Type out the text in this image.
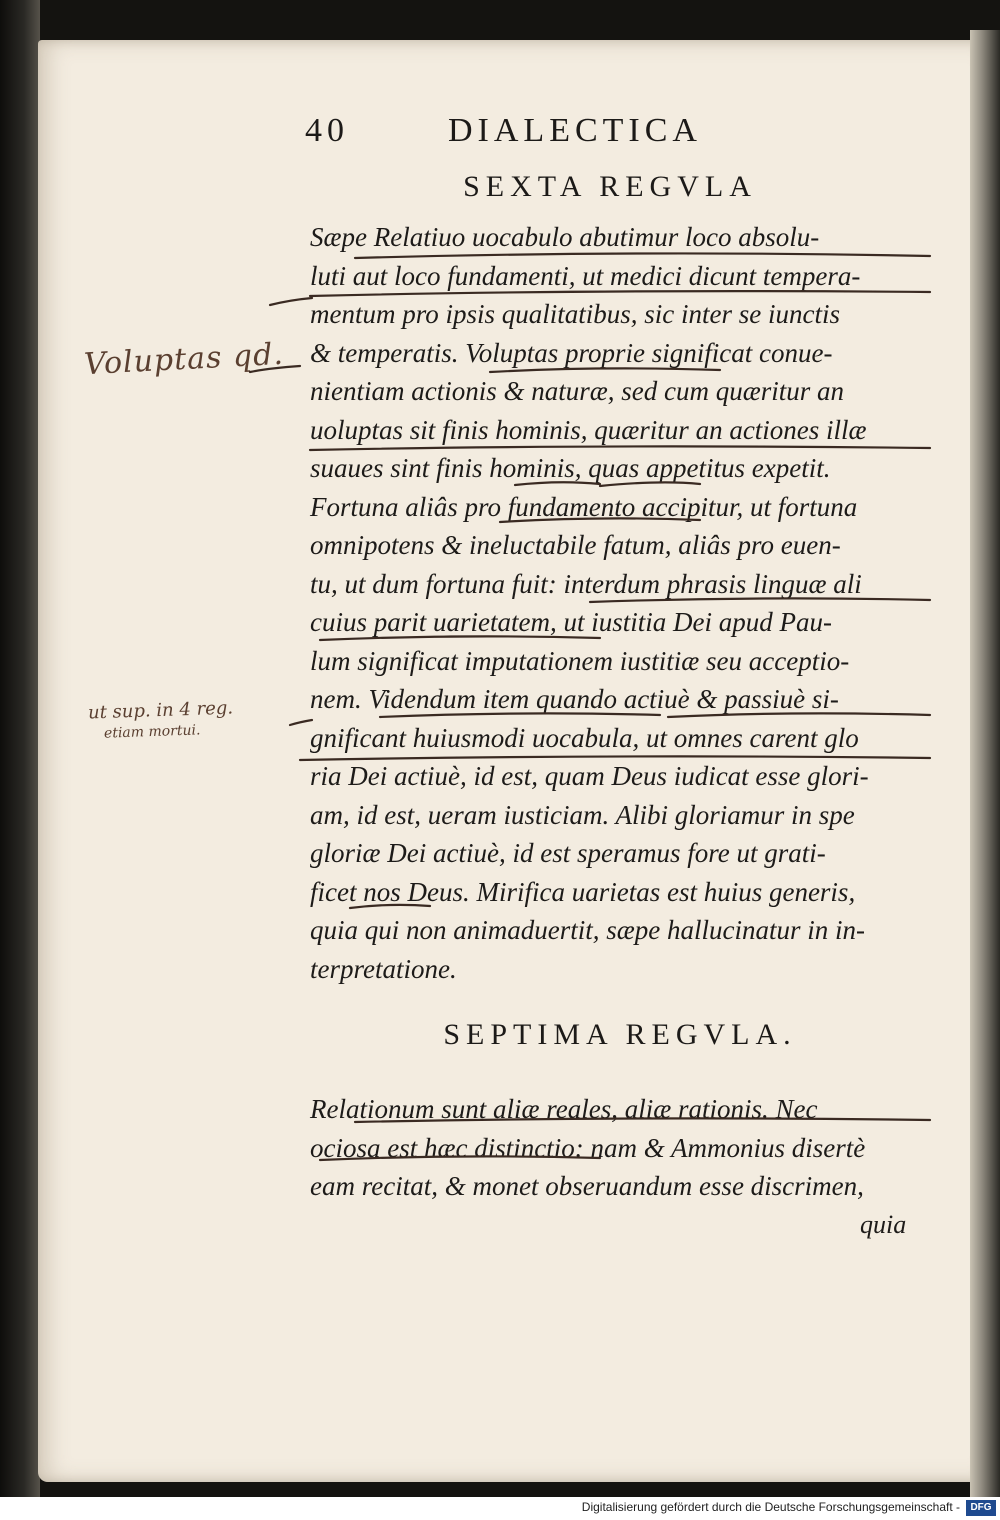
40	DIALECTICA
SEXTA REGVLA
Sæpe Relatiuo uocabulo abutimur loco absolu-
luti aut loco fundamenti, ut medici dicunt tempera-
mentum pro ipsis qualitatibus, sic inter se iunctis
& temperatis. Voluptas proprie significat conue-
nientiam actionis & naturæ, sed cum quæritur an
uoluptas sit finis hominis, quæritur an actiones illæ
suaues sint finis hominis, quas appetitus expetit.
Fortuna aliâs pro fundamento accipitur, ut fortuna
omnipotens & ineluctabile fatum, aliâs pro euen-
tu, ut dum fortuna fuit: interdum phrasis linguæ ali
cuius parit uarietatem, ut iustitia Dei apud Pau-
lum significat imputationem iustitiæ seu acceptio-
nem. Videndum item quando actiuè & passiuè si-
gnificant huiusmodi uocabula, ut omnes carent glo
ria Dei actiuè, id est, quam Deus iudicat esse glori-
am, id est, ueram iusticiam. Alibi gloriamur in spe
gloriæ Dei actiuè, id est speramus fore ut grati-
ficet nos Deus. Mirifica uarietas est huius generis,
quia qui non animaduertit, sæpe hallucinatur in in-
terpretatione.
SEPTIMA REGVLA.
Relationum sunt aliæ reales, aliæ rationis. Nec
ociosa est hæc distinctio: nam & Ammonius disertè
eam recitat, & monet obseruandum esse discrimen,
quia
Voluptas qd.
ut sup. in 4 reg.
etiam mortui.
Digitalisierung gefördert durch die Deutsche Forschungsgemeinschaft -	DFG
